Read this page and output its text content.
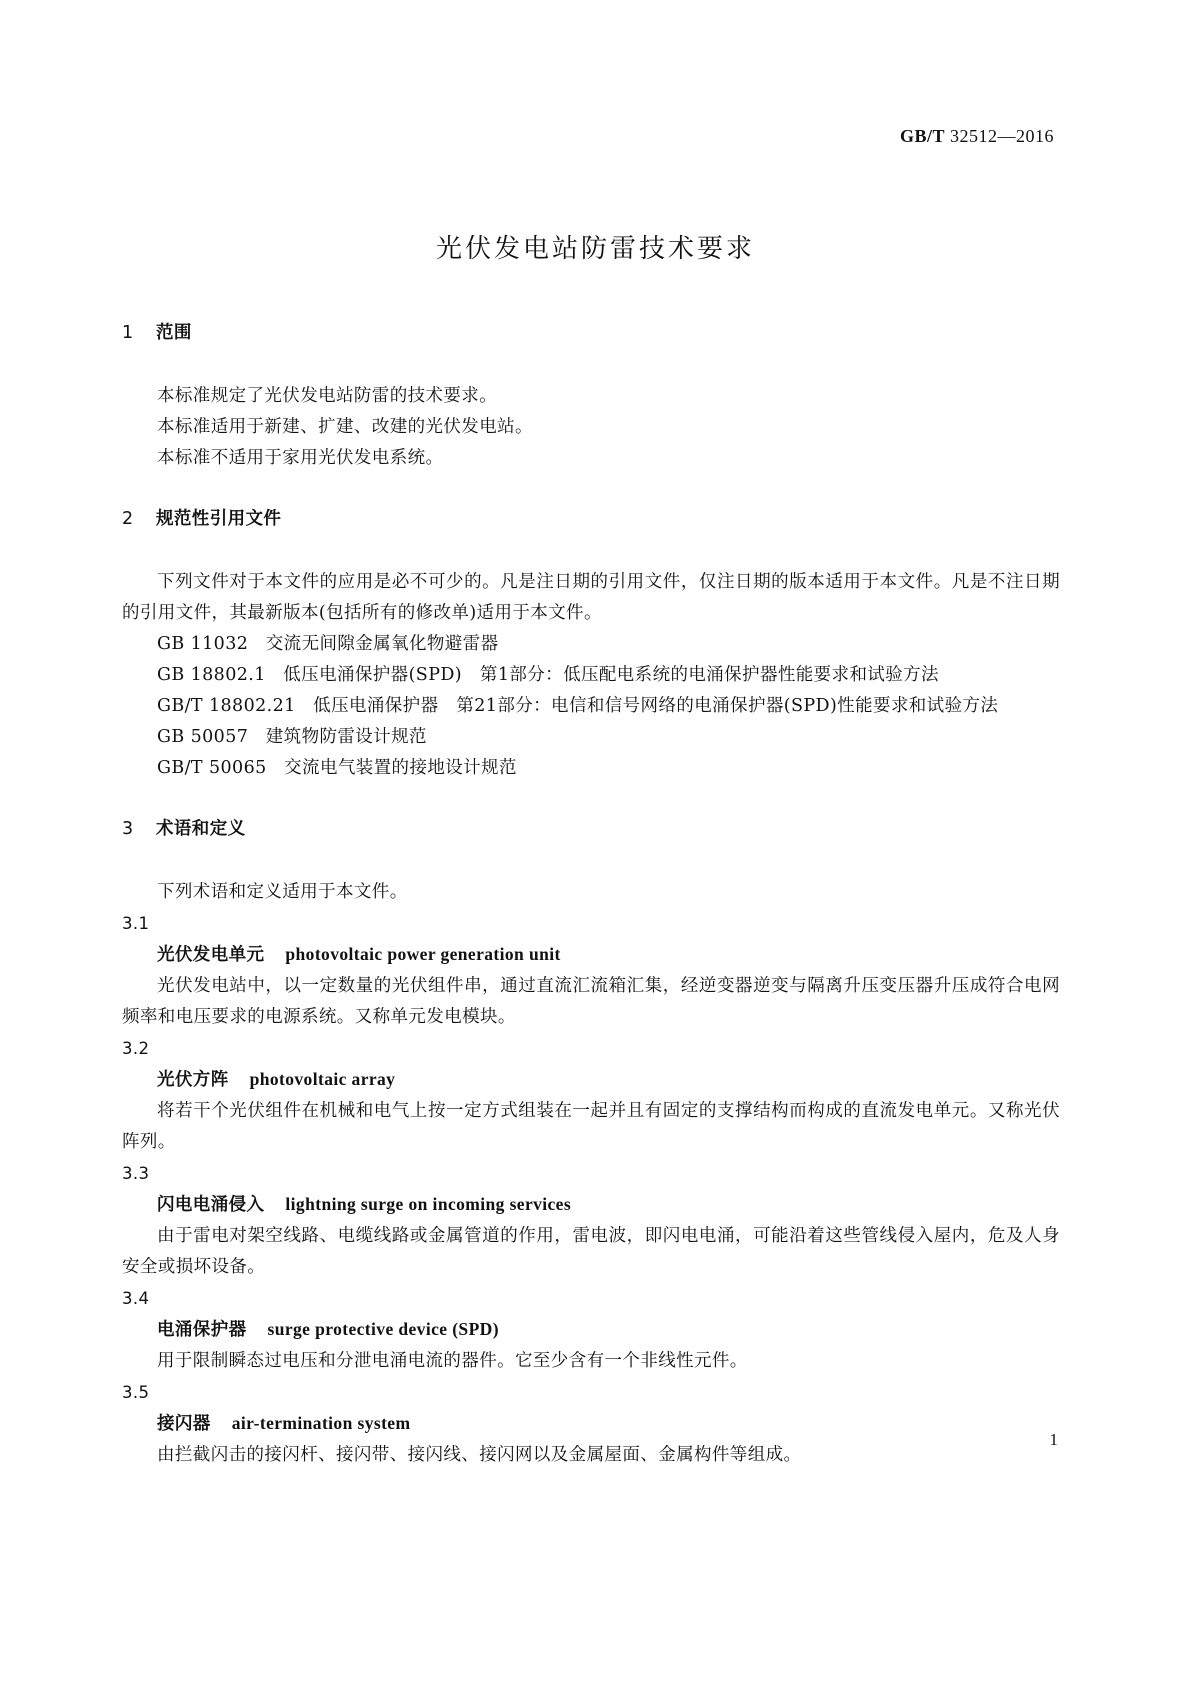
GB/T 32512—2016
光伏发电站防雷技术要求
1 范围

本标准规定了光伏发电站防雷的技术要求。

本标准适用于新建、扩建、改建的光伏发电站。

本标准不适用于家用光伏发电系统。

2 规范性引用文件

下列文件对于本文件的应用是必不可少的。凡是注日期的引用文件，仅注日期的版本适用于本文件。凡是不注日期的引用文件，其最新版本(包括所有的修改单)适用于本文件。

GB 11032 交流无间隙金属氧化物避雷器
GB 18802.1 低压电涌保护器(SPD)　第1部分：低压配电系统的电涌保护器性能要求和试验方法
GB/T 18802.21 低压电涌保护器　第21部分：电信和信号网络的电涌保护器(SPD)性能要求和试验方法
GB 50057 建筑物防雷设计规范
GB/T 50065 交流电气装置的接地设计规范
3 术语和定义

下列术语和定义适用于本文件。

3.1
光伏发电单元 photovoltaic power generation unit

光伏发电站中，以一定数量的光伏组件串，通过直流汇流箱汇集，经逆变器逆变与隔离升压变压器升压成符合电网频率和电压要求的电源系统。又称单元发电模块。

3.2
光伏方阵 photovoltaic array

将若干个光伏组件在机械和电气上按一定方式组装在一起并且有固定的支撑结构而构成的直流发电单元。又称光伏阵列。

3.3
闪电电涌侵入 lightning surge on incoming services

由于雷电对架空线路、电缆线路或金属管道的作用，雷电波，即闪电电涌，可能沿着这些管线侵入屋内，危及人身安全或损坏设备。

3.4
电涌保护器 surge protective device (SPD)

用于限制瞬态过电压和分泄电涌电流的器件。它至少含有一个非线性元件。

3.5
接闪器 air-termination system

由拦截闪击的接闪杆、接闪带、接闪线、接闪网以及金属屋面、金属构件等组成。

1
